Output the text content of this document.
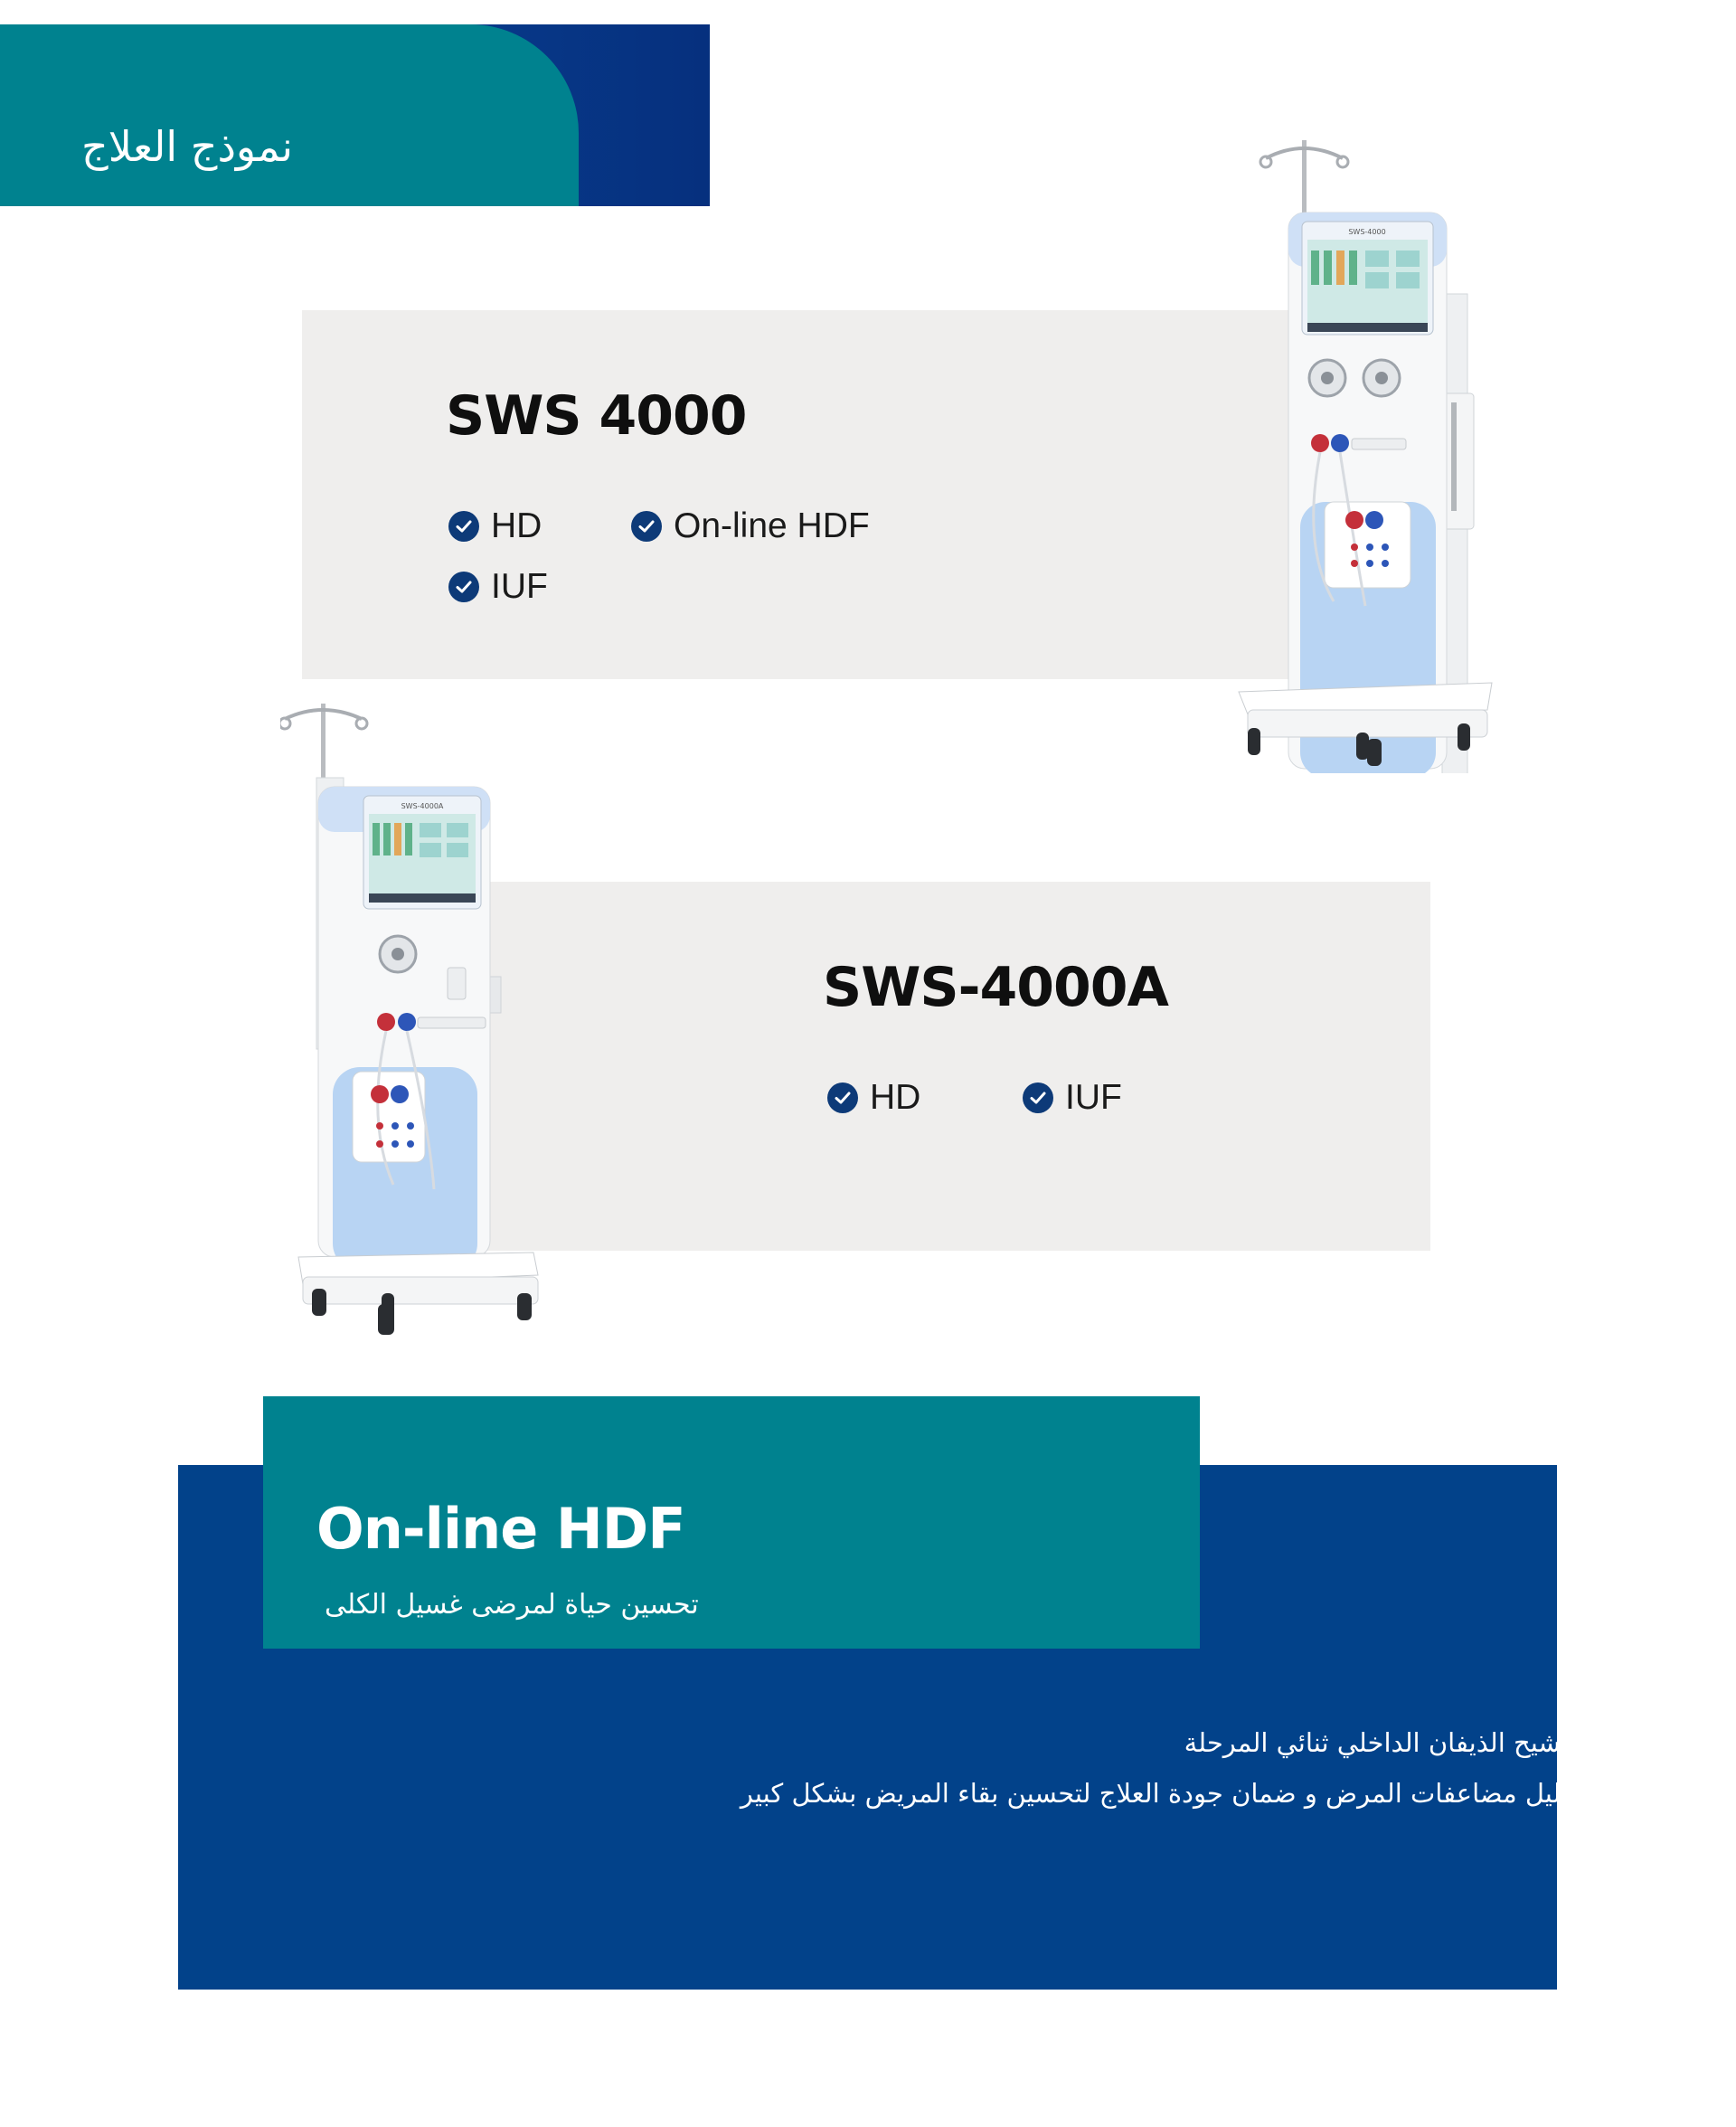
نموذج العلاج
SWS 4000
HD	On-line HDF
IUF
SWS-4000
SWS-4000A
HD	IUF
SWS-4000A
On-line HDF
تحسين حياة لمرضى غسيل الكلى
• ترشيح الذيفان الداخلي ثنائي المرحلة
• تفليل مضاعفات المرض و ضمان جودة العلاج لتحسين بقاء المريض بشكل كبير
